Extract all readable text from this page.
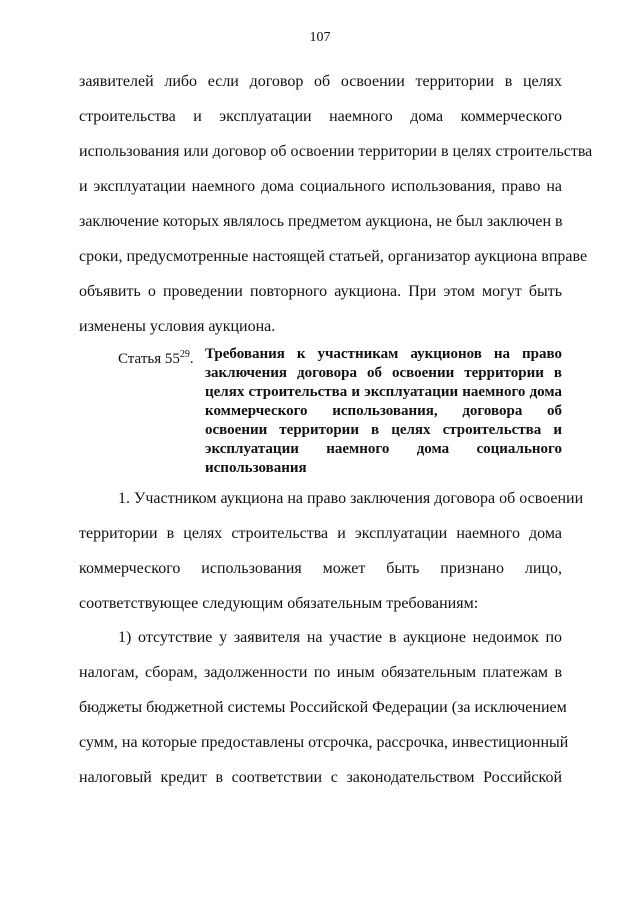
107
заявителей либо если договор об освоении территории в целях
строительства и эксплуатации наемного дома коммерческого
использования или договор об освоении территории в целях строительства
и эксплуатации наемного дома социального использования, право на
заключение которых являлось предметом аукциона, не был заключен в
сроки, предусмотренные настоящей статьей, организатор аукциона вправе
объявить о проведении повторного аукциона. При этом могут быть
изменены условия аукциона.
Статья $55^{29}$. Требования к участникам аукционов на право
заключения договора об освоении территории в
целях строительства и эксплуатации наемного дома
коммерческого использования, договора об
освоении территории в целях строительства и
эксплуатации наемного дома социального
использования
1. Участником аукциона на право заключения договора об освоении
территории в целях строительства и эксплуатации наемного дома
коммерческого использования может быть признано лицо,
соответствующее следующим обязательным требованиям:
1) отсутствие у заявителя на участие в аукционе недоимок по
налогам, сборам, задолженности по иным обязательным платежам в
бюджеты бюджетной системы Российской Федерации (за исключением
сумм, на которые предоставлены отсрочка, рассрочка, инвестиционный
налоговый кредит в соответствии с законодательством Российской
